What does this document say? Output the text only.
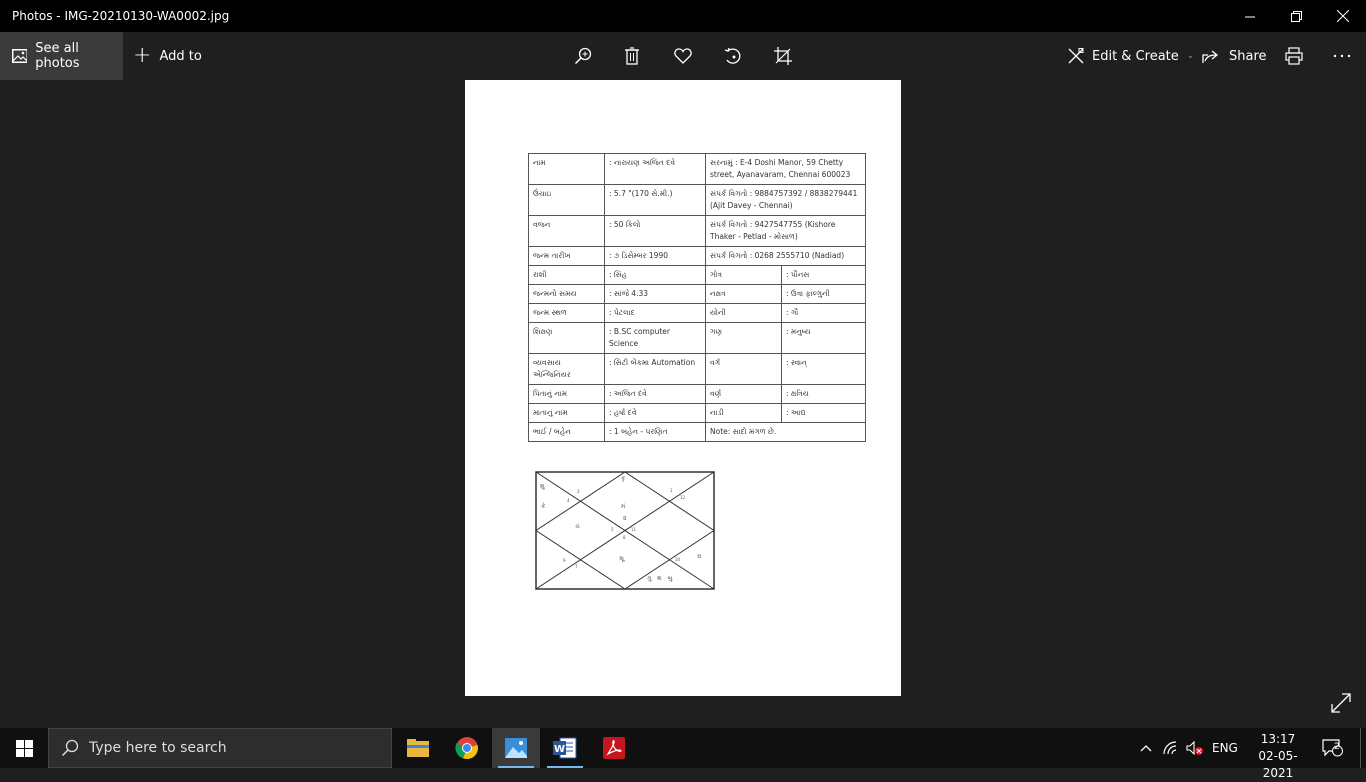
Photos - IMG-20210130-WA0002.jpg
See all photos	+ Add to	Edit & Create ⌄	Share
નામ	: નારાયણ અજિત દવે	સરનામું : E-4 Doshi Manor, 59 Chetty street, Ayanavaram, Chennai 600023	
ઉંચાઇ	: 5.7 "(170 સે.મી.)	સંપર્ક વિગતો : 9884757392 / 8838279441 (Ajit Davey - Chennai)	
વજન	: 50 કિલો	સંપર્ક વિગતો : 9427547755 (Kishore Thaker - Petlad - મોસાળ)	
જન્મ તારીખ	: ૭ ડિસેમ્બર 1990	સંપર્ક વિગતો : 0268 2555710 (Nadiad)	
રાશી	: સિંહ	ગોત્ર	: પૌનસ
જન્મનો સમય	: સાંજે 4.33	નક્ષત્ર	: ઉત્રા ફાલ્ગુની
જન્મ સ્થળ	: પેટલાદ	યોની	: ગૌ
શિક્ષણ	: B.SC computer Science	ગણ	: મનુષ્ય
વ્યવસાય એન્જિનિયર	: સિટી બેંકમા Automation	વર્ગ	: સ્વાન્
પિતાનું નામ	: અજિત દવે	વર્ણ	: ક્ષત્રિય
માતાનું નામ	: હર્ષા દવે	નાડી	: આદ્ય
ભાઈ / બહેન	: 1 બહેન - પરણિત	Note: સાદો મંગળ છે.	
શુ
કે
કૃ
મં
૨
ચં
સૂ	રા
ગુ   શ   બુ
4
3	1
12
5	11
8
9
7
10
Type here to search	W	ENG
13:17
02-05-2021
2
